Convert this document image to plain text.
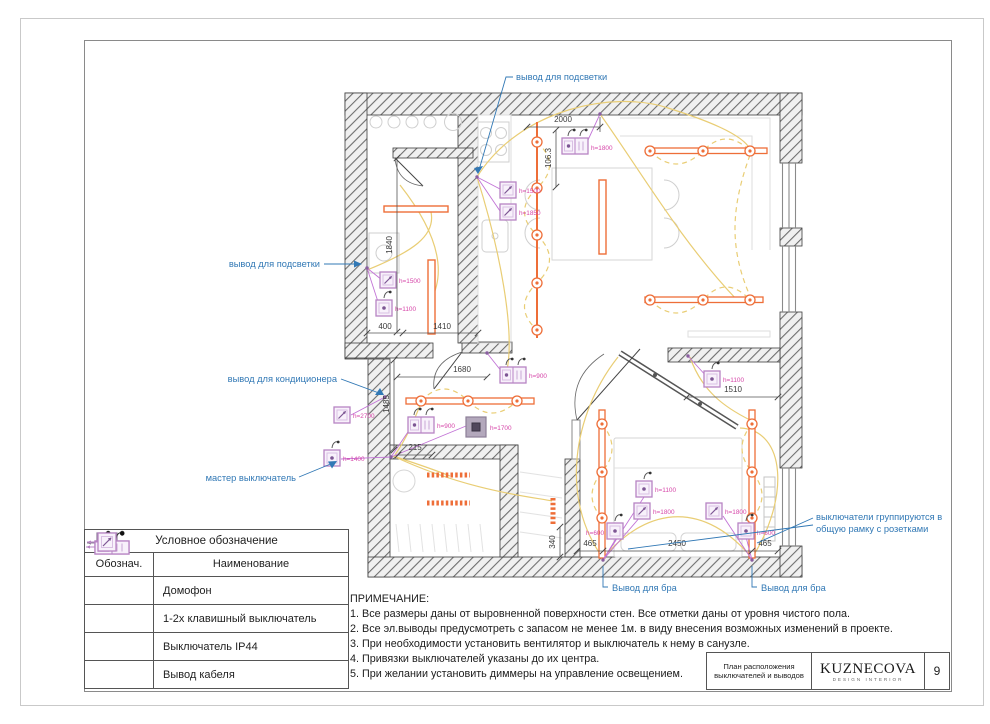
h=1800
h=1500
h=1850
h=1500
h=1100
h=2700
h=1400
h=900	h=1700
h=900
h=1100
h=1100
h=1800	h=1800
h=600	h=600
2000
106.3
1840
400	1410
1680
1485
215
1510
340	465	2450	465
вывод для подсветки
вывод для подсветки
вывод для кондиционера
мастер выключатель
Вывод для бра	Вывод для бра
выключатели группируются в
общую рамку с розетками
Условное обозначение
Обознач.	Наименование
Домофон
1-2х клавишный выключатель
Выключатель IP44
Вывод кабеля
ПРИМЕЧАНИЕ:
1. Все размеры даны от выровненной поверхности стен. Все отметки даны от уровня чистого пола.
2. Все эл.выводы предусмотреть с запасом не менее 1м. в виду внесения возможных изменений в проекте.
3. При необходимости установить вентилятор и выключатель к нему в санузле.
4. Привязки выключателей указаны до их центра.
5. При желании установить диммеры на управление освещением.
План расположения
выключателей и выводов	KUZNECOVA
DESIGN INTERIOR
9
